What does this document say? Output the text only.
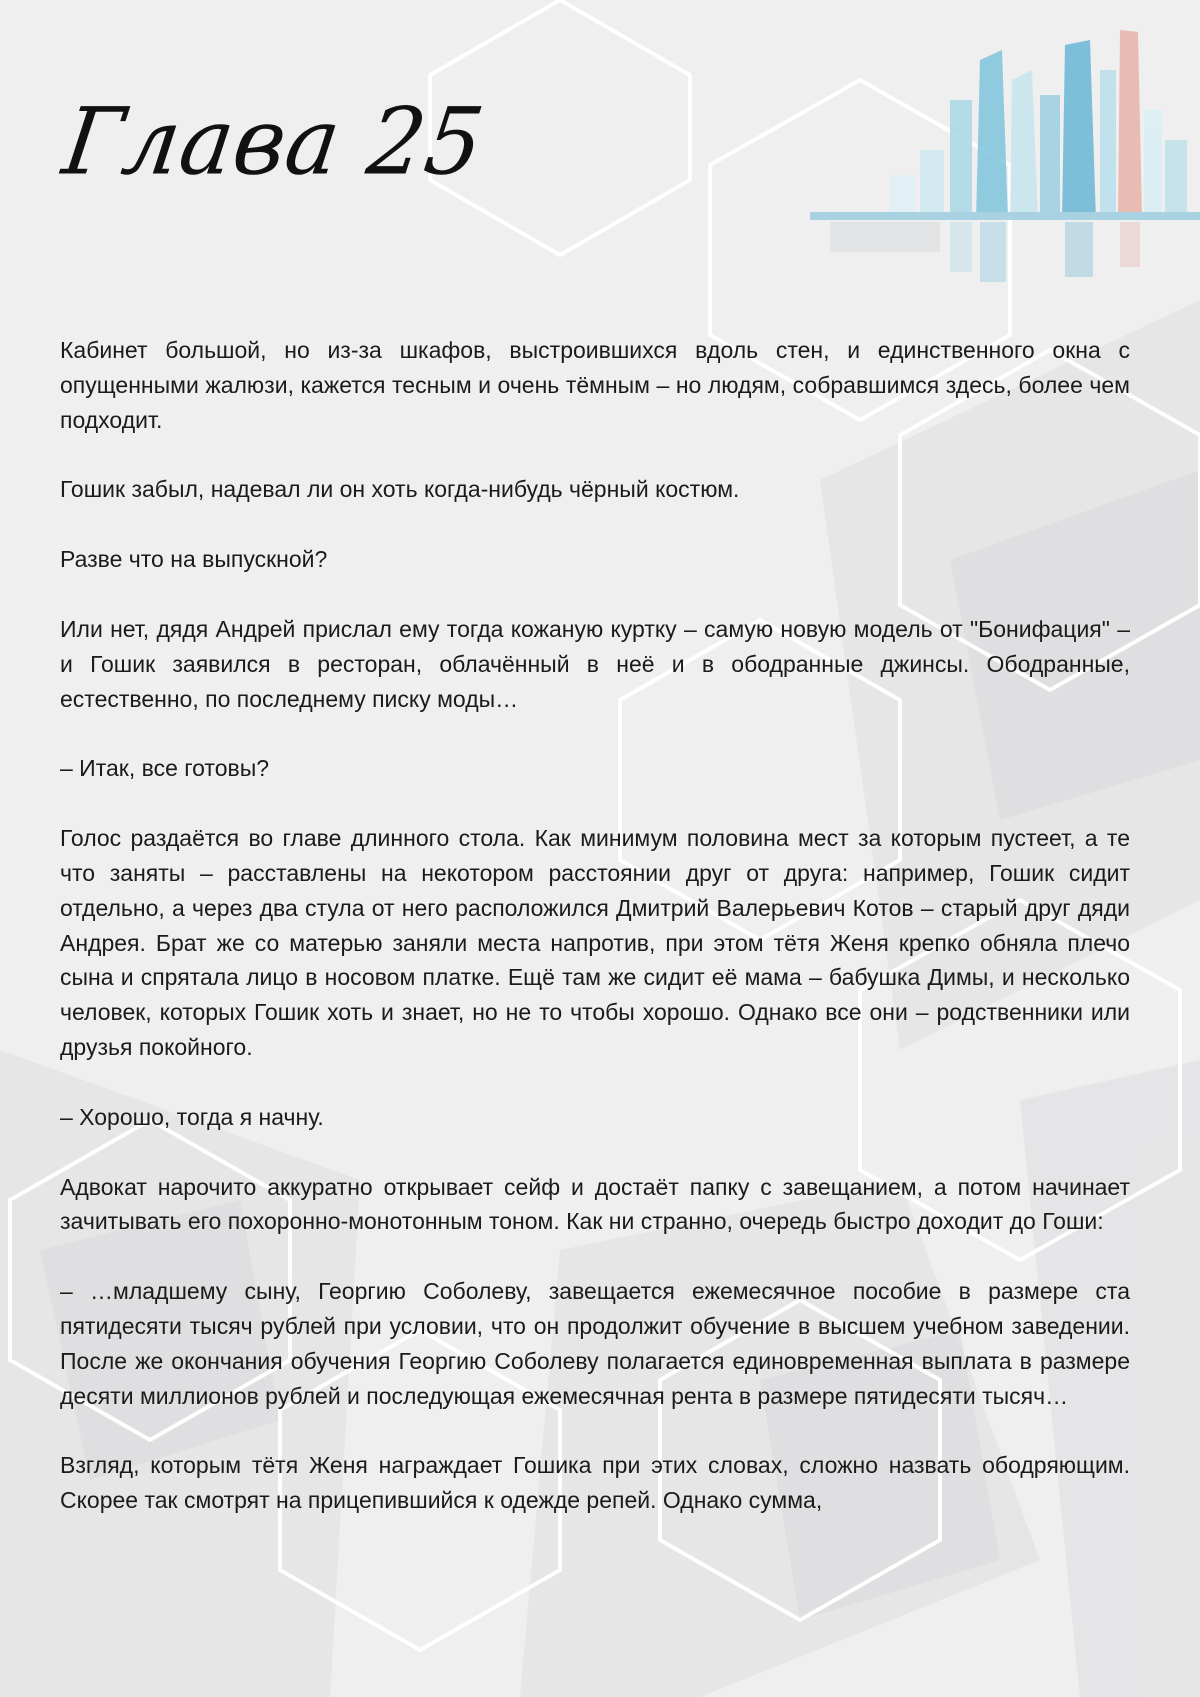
Глава 25

Кабинет большой, но из-за шкафов, выстроившихся вдоль стен, и единственного окна с опущенными жалюзи, кажется тесным и очень тёмным – но людям, собравшимся здесь, более чем подходит.

Гошик забыл, надевал ли он хоть когда-нибудь чёрный костюм.

Разве что на выпускной?

Или нет, дядя Андрей прислал ему тогда кожаную куртку – самую новую модель от "Бонифация" – и Гошик заявился в ресторан, облачённый в неё и в ободранные джинсы. Ободранные, естественно, по последнему писку моды…

– Итак, все готовы?

Голос раздаётся во главе длинного стола. Как минимум половина мест за которым пустеет, а те что заняты – расставлены на некотором расстоянии друг от друга: например, Гошик сидит отдельно, а через два стула от него расположился Дмитрий Валерьевич Котов – старый друг дяди Андрея. Брат же со матерью заняли места напротив, при этом тётя Женя крепко обняла плечо сына и спрятала лицо в носовом платке. Ещё там же сидит её мама – бабушка Димы, и несколько человек, которых Гошик хоть и знает, но не то чтобы хорошо. Однако все они – родственники или друзья покойного.

– Хорошо, тогда я начну.

Адвокат нарочито аккуратно открывает сейф и достаёт папку с завещанием, а потом начинает зачитывать его похоронно-монотонным тоном. Как ни странно, очередь быстро доходит до Гоши:

– …младшему сыну, Георгию Соболеву, завещается ежемесячное пособие в размере ста пятидесяти тысяч рублей при условии, что он продолжит обучение в высшем учебном заведении. После же окончания обучения Георгию Соболеву полагается единовременная выплата в размере десяти миллионов рублей и последующая ежемесячная рента в размере пятидесяти тысяч…

Взгляд, которым тётя Женя награждает Гошика при этих словах, сложно назвать ободряющим. Скорее так смотрят на прицепившийся к одежде репей. Однако сумма,
